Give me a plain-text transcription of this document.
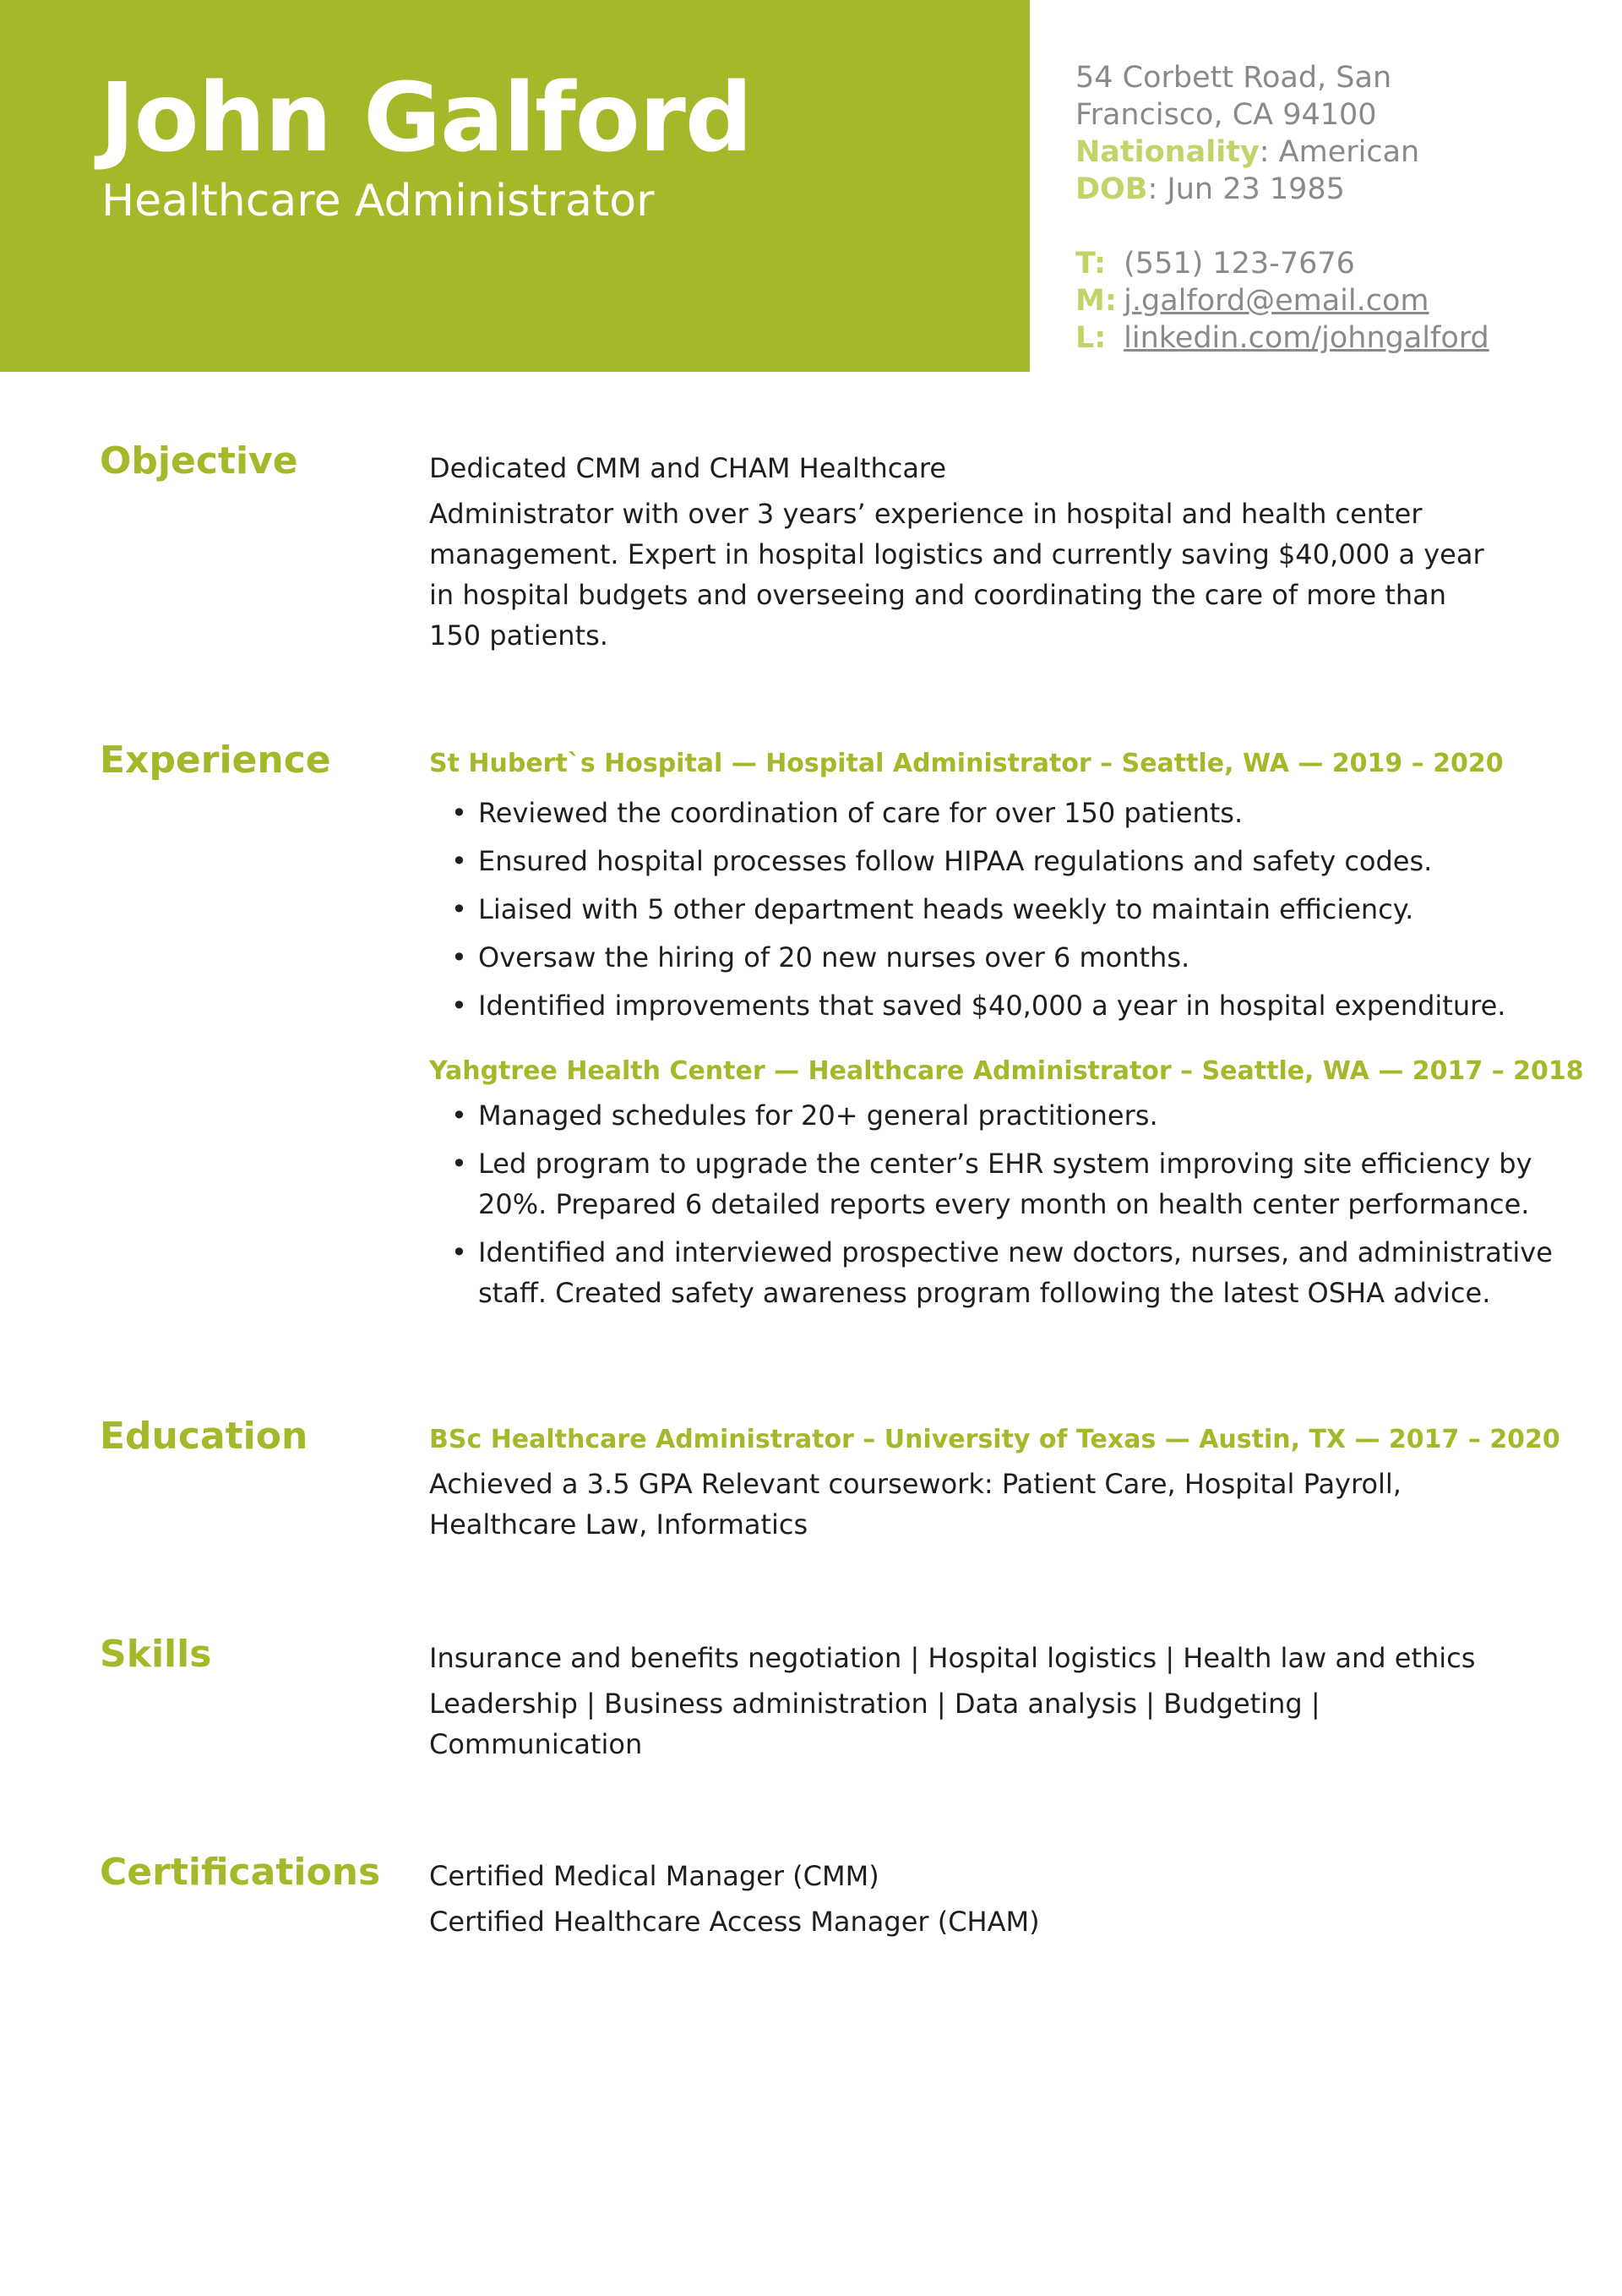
John Galford
Healthcare Administrator
54 Corbett Road, San Francisco, CA 94100
Nationality: American
DOB: Jun 23 1985
T: (551) 123-7676
M: j.galford@email.com
L: linkedin.com/johngalford
Objective	Dedicated CMM and CHAM Healthcare

Administrator with over 3 years’ experience in hospital and health center management. Expert in hospital logistics and currently saving $40,000 a year in hospital budgets and overseeing and coordinating the care of more than 150 patients.

Experience	St Hubert`s Hospital — Hospital Administrator – Seattle, WA — 2019 – 2020
• Reviewed the coordination of care for over 150 patients.
• Ensured hospital processes follow HIPAA regulations and safety codes.
• Liaised with 5 other department heads weekly to maintain efficiency.
• Oversaw the hiring of 20 new nurses over 6 months.
• Identified improvements that saved $40,000 a year in hospital expenditure.
Yahgtree Health Center — Healthcare Administrator – Seattle, WA — 2017 – 2018
• Managed schedules for 20+ general practitioners.
• Led program to upgrade the center’s EHR system improving site efficiency by 20%. Prepared 6 detailed reports every month on health center performance.
• Identified and interviewed prospective new doctors, nurses, and administrative staff. Created safety awareness program following the latest OSHA advice.
Education	BSc Healthcare Administrator – University of Texas — Austin, TX — 2017 – 2020

Achieved a 3.5 GPA Relevant coursework: Patient Care, Hospital Payroll, Healthcare Law, Informatics

Skills	Insurance and benefits negotiation | Hospital logistics | Health law and ethics

Leadership | Business administration | Data analysis | Budgeting | Communication

Certifications Certified Medical Manager (CMM)

Certified Healthcare Access Manager (CHAM)
